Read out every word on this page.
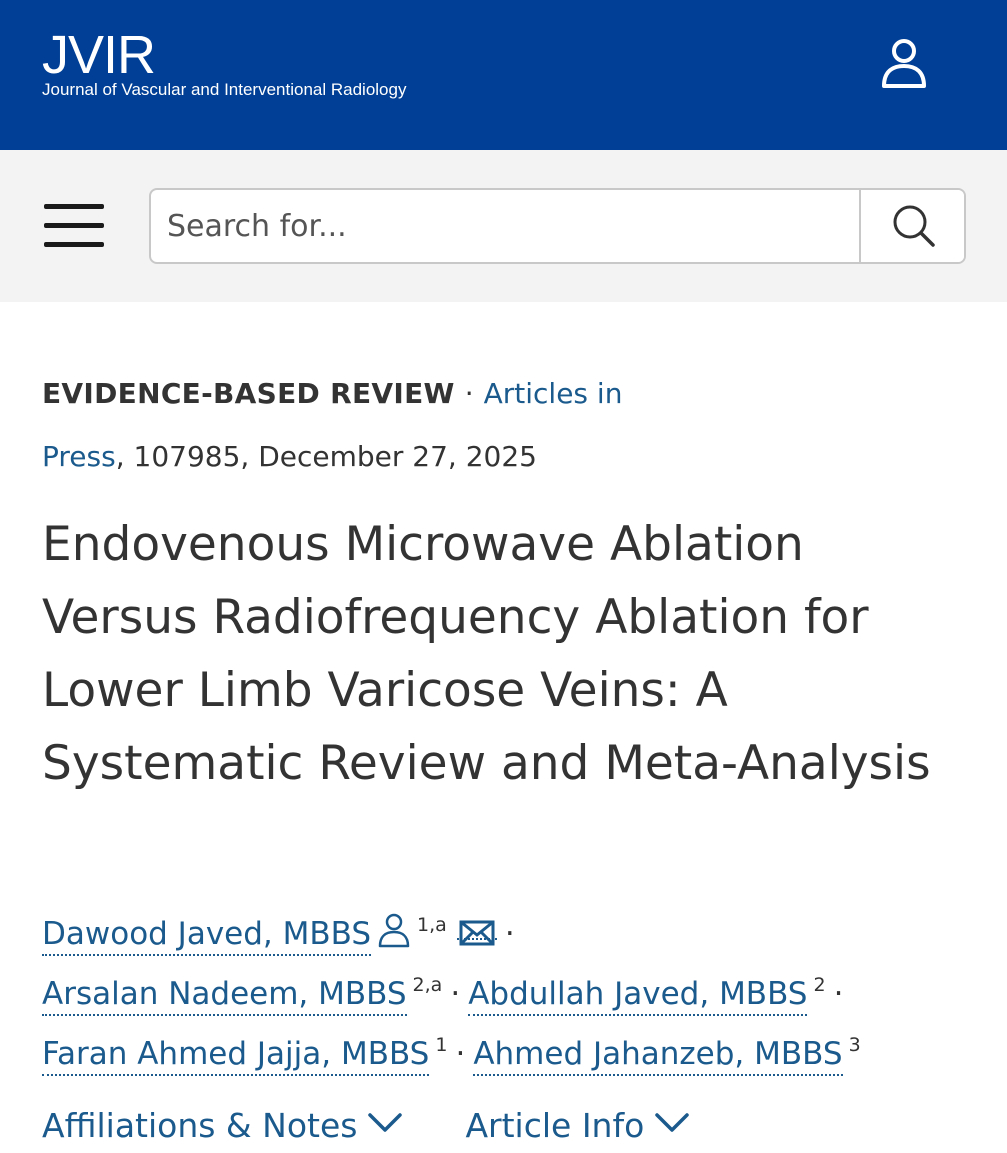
JVIR
Journal of Vascular and Interventional Radiology
Search for...
EVIDENCE-BASED REVIEW · Articles in
Press, 107985, December 27, 2025
Endovenous Microwave Ablation Versus Radiofrequency Ablation for Lower Limb Varicose Veins: A Systematic Review and Meta-Analysis
Dawood Javed, MBBS $^{1,a}$ ·
Arsalan Nadeem, MBBS $^{2,a}$ · Abdullah Javed, MBBS $^2$ ·
Faran Ahmed Jajja, MBBS $^1$ · Ahmed Jahanzeb, MBBS $^3$
Affiliations & Notes	Article Info
